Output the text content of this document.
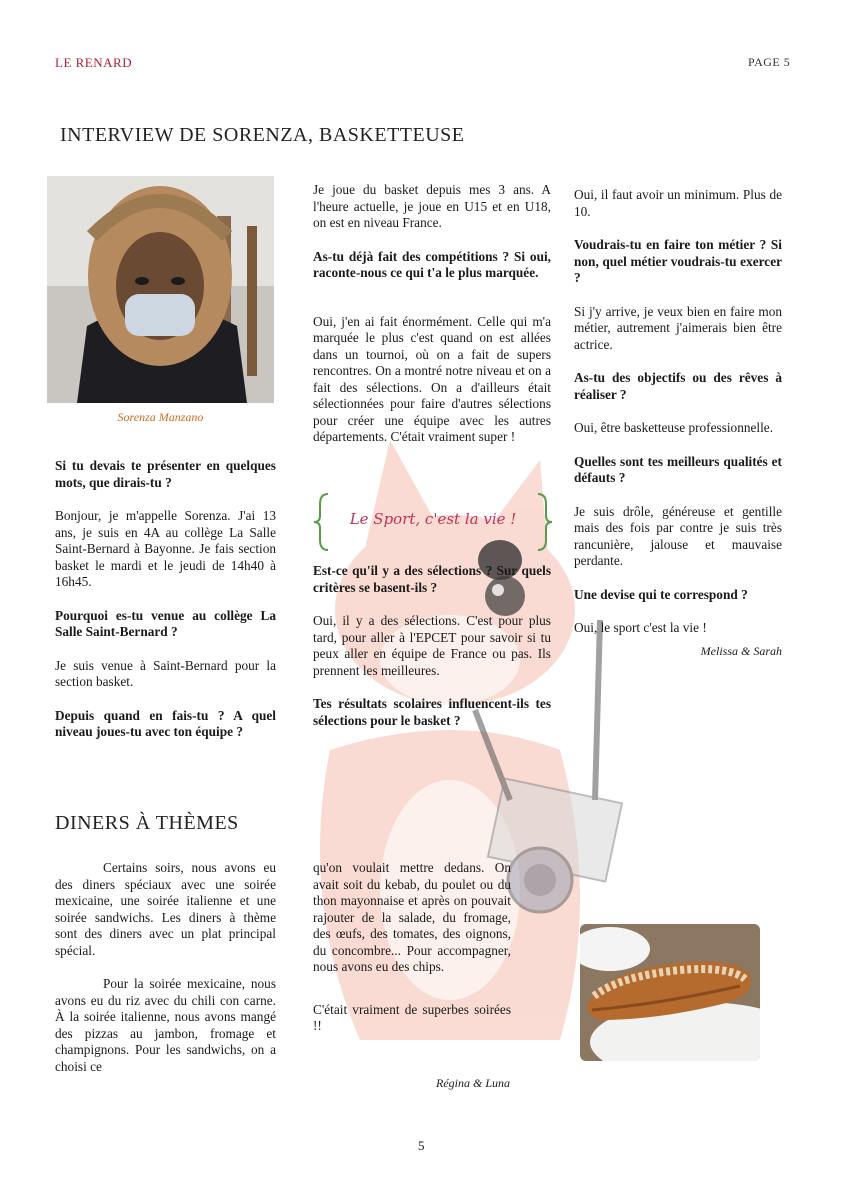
LE RENARD	PAGE 5
INTERVIEW DE SORENZA, BASKETTEUSE
Sorenza Manzano

Si tu devais te présenter en quelques mots, que dirais-tu ?

Bonjour, je m'appelle Sorenza. J'ai 13 ans, je suis en 4A au collège La Salle Saint-Bernard à Bayonne. Je fais section basket le mardi et le jeudi de 14h40 à 16h45.

Pourquoi es-tu venue au collège La Salle Saint-Bernard ?

Je suis venue à Saint-Bernard pour la section basket.

Depuis quand en fais-tu ? A quel niveau joues-tu avec ton équipe ?

Je joue du basket depuis mes 3 ans. A l'heure actuelle, je joue en U15 et en U18, on est en niveau France.

As-tu déjà fait des compétitions ? Si oui, raconte-nous ce qui t'a le plus marquée.

Oui, j'en ai fait énormément. Celle qui m'a marquée le plus c'est quand on est allées dans un tournoi, où on a fait de supers rencontres. On a montré notre niveau et on a fait des sélections. On a d'ailleurs était sélectionnées pour faire d'autres sélections pour créer une équipe avec les autres départements. C'était vraiment super !

Le Sport, c'est la vie !

Est-ce qu'il y a des sélections ? Sur quels critères se basent-ils ?

Oui, il y a des sélections. C'est pour plus tard, pour aller à l'EPCET pour savoir si tu peux aller en équipe de France ou pas. Ils prennent les meilleures.

Tes résultats scolaires influencent-ils tes sélections pour le basket ?

Oui, il faut avoir un minimum. Plus de 10.

Voudrais-tu en faire ton métier ? Si non, quel métier voudrais-tu exercer ?

Si j'y arrive, je veux bien en faire mon métier, autrement j'aimerais bien être actrice.

As-tu des objectifs ou des rêves à réaliser ?

Oui, être basketteuse professionnelle.

Quelles sont tes meilleurs qualités et défauts ?

Je suis drôle, généreuse et gentille mais des fois par contre je suis très rancunière, jalouse et mauvaise perdante.

Une devise qui te correspond ?

Oui, le sport c'est la vie !

Melissa & Sarah
DINERS À THÈMES

Certains soirs, nous avons eu des diners spéciaux avec une soirée mexicaine, une soirée italienne et une soirée sandwichs. Les diners à thème sont des diners avec un plat principal spécial.

Pour la soirée mexicaine, nous avons eu du riz avec du chili con carne. À la soirée italienne, nous avons mangé des pizzas au jambon, fromage et champignons. Pour les sandwichs, on a choisi ce

qu'on voulait mettre dedans. On avait soit du kebab, du poulet ou du thon mayonnaise et après on pouvait rajouter de la salade, du fromage, des œufs, des tomates, des oignons, du concombre... Pour accompagner, nous avons eu des chips.

C'était vraiment de superbes soirées !!

Régina & Luna
5
